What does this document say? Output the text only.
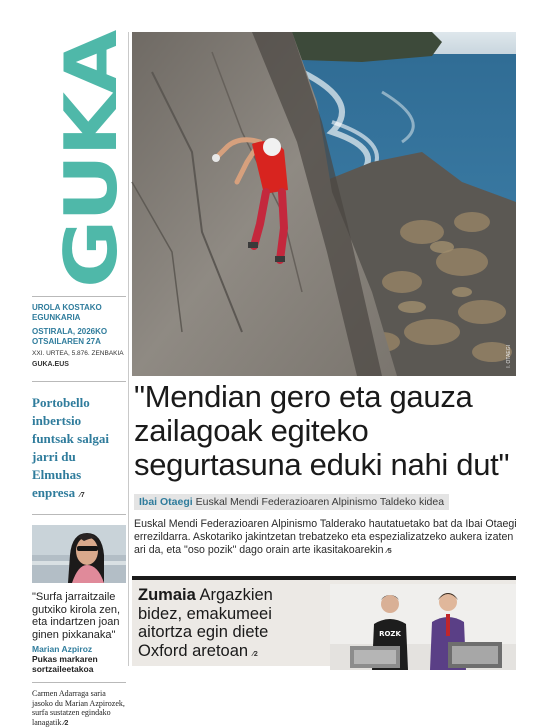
GUKA
UROLA KOSTAKO EGUNKARIA
OSTIRALA, 2026KO
OTSAILAREN 27A
XXI. URTEA, 5.876. ZENBAKIA
GUKA.EUS
Portobello inbertsio funtsak salgai jarri du Elmuhas enpresa ⁄7
"Surfa jarraitzaile gutxiko kirola zen, eta indartzen joan ginen pixkanaka"
Marian Azpiroz
Pukas markaren sortzaileetakoa
Carmen Adarraga saria jasoko du Marian Azpirozek, surfa sustatzen egindako lanagatik ⁄2
I. OTAEGI
"Mendian gero eta gauza zailagoak egiteko segurtasuna eduki nahi dut"
Ibai Otaegi Euskal Mendi Federazioaren Alpinismo Taldeko kidea
Euskal Mendi Federazioaren Alpinismo Talderako hautatuetako bat da Ibai Otaegi errezildarra. Askotariko jakintzetan trebatzeko eta espezializatzeko aukera izaten ari da, eta "oso pozik" dago orain arte ikasitakoarekin ⁄5
Zumaia Argazkien bidez, emakumeei aitortza egin diete Oxford aretoan ⁄2
ROZK
